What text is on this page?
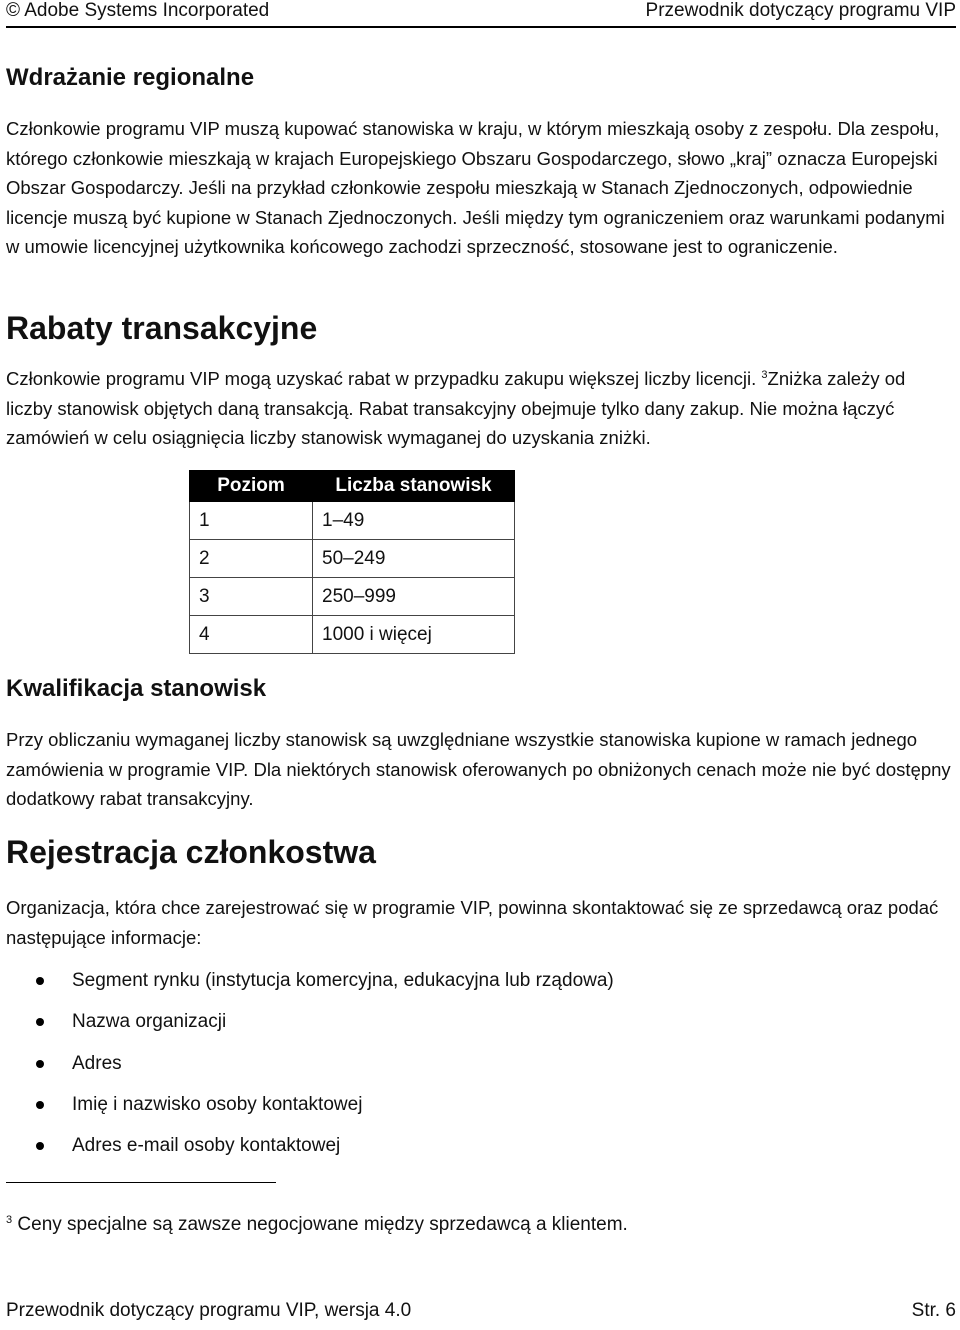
© Adobe Systems Incorporated	Przewodnik dotyczący programu VIP
Wdrażanie regionalne

Członkowie programu VIP muszą kupować stanowiska w kraju, w którym mieszkają osoby z zespołu. Dla zespołu, którego członkowie mieszkają w krajach Europejskiego Obszaru Gospodarczego, słowo „kraj” oznacza Europejski Obszar Gospodarczy. Jeśli na przykład członkowie zespołu mieszkają w Stanach Zjednoczonych, odpowiednie licencje muszą być kupione w Stanach Zjednoczonych. Jeśli między tym ograniczeniem oraz warunkami podanymi w umowie licencyjnej użytkownika końcowego zachodzi sprzeczność, stosowane jest to ograniczenie.

Rabaty transakcyjne

Członkowie programu VIP mogą uzyskać rabat w przypadku zakupu większej liczby licencji. $^3$Zniżka zależy od liczby stanowisk objętych daną transakcją. Rabat transakcyjny obejmuje tylko dany zakup. Nie można łączyć zamówień w celu osiągnięcia liczby stanowisk wymaganej do uzyskania zniżki.

Poziom	Liczba stanowisk
1	1–49
2	50–249
3	250–999
4	1000 i więcej
Kwalifikacja stanowisk

Przy obliczaniu wymaganej liczby stanowisk są uwzględniane wszystkie stanowiska kupione w ramach jednego zamówienia w programie VIP. Dla niektórych stanowisk oferowanych po obniżonych cenach może nie być dostępny dodatkowy rabat transakcyjny.

Rejestracja członkostwa

Organizacja, która chce zarejestrować się w programie VIP, powinna skontaktować się ze sprzedawcą oraz podać następujące informacje:

Segment rynku (instytucja komercyjna, edukacyjna lub rządowa)
Nazwa organizacji
Adres
Imię i nazwisko osoby kontaktowej
Adres e-mail osoby kontaktowej

$^3$ Ceny specjalne są zawsze negocjowane między sprzedawcą a klientem.

Przewodnik dotyczący programu VIP, wersja 4.0	Str. 6
